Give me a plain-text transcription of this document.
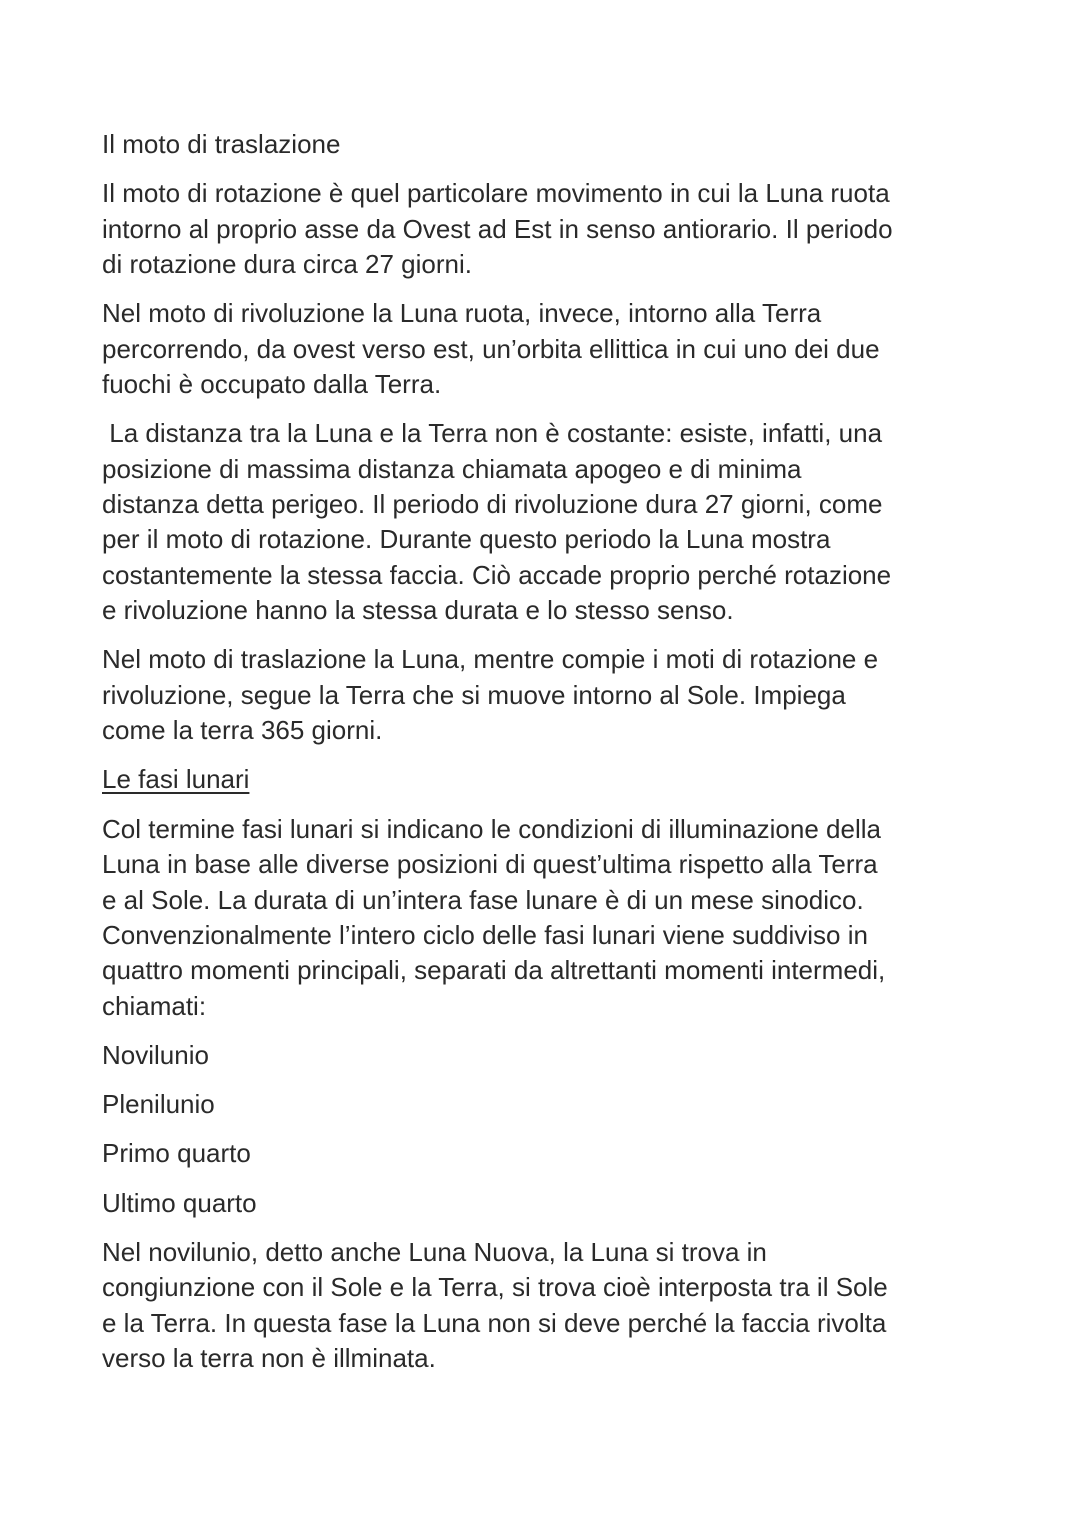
Il moto di traslazione

Il moto di rotazione è quel particolare movimento in cui la Luna ruota
intorno al proprio asse da Ovest ad Est in senso antiorario. Il periodo
di rotazione dura circa 27 giorni.

Nel moto di rivoluzione la Luna ruota, invece, intorno alla Terra
percorrendo, da ovest verso est, un’orbita ellittica in cui uno dei due
fuochi è occupato dalla Terra.

La distanza tra la Luna e la Terra non è costante: esiste, infatti, una
posizione di massima distanza chiamata apogeo e di minima
distanza detta perigeo. Il periodo di rivoluzione dura 27 giorni, come
per il moto di rotazione. Durante questo periodo la Luna mostra
costantemente la stessa faccia. Ciò accade proprio perché rotazione
e rivoluzione hanno la stessa durata e lo stesso senso.

Nel moto di traslazione la Luna, mentre compie i moti di rotazione e
rivoluzione, segue la Terra che si muove intorno al Sole. Impiega
come la terra 365 giorni.

Le fasi lunari

Col termine fasi lunari si indicano le condizioni di illuminazione della
Luna in base alle diverse posizioni di quest’ultima rispetto alla Terra
e al Sole. La durata di un’intera fase lunare è di un mese sinodico.
Convenzionalmente l’intero ciclo delle fasi lunari viene suddiviso in
quattro momenti principali, separati da altrettanti momenti intermedi,
chiamati:

Novilunio

Plenilunio

Primo quarto

Ultimo quarto

Nel novilunio, detto anche Luna Nuova, la Luna si trova in
congiunzione con il Sole e la Terra, si trova cioè interposta tra il Sole
e la Terra. In questa fase la Luna non si deve perché la faccia rivolta
verso la terra non è illminata.
